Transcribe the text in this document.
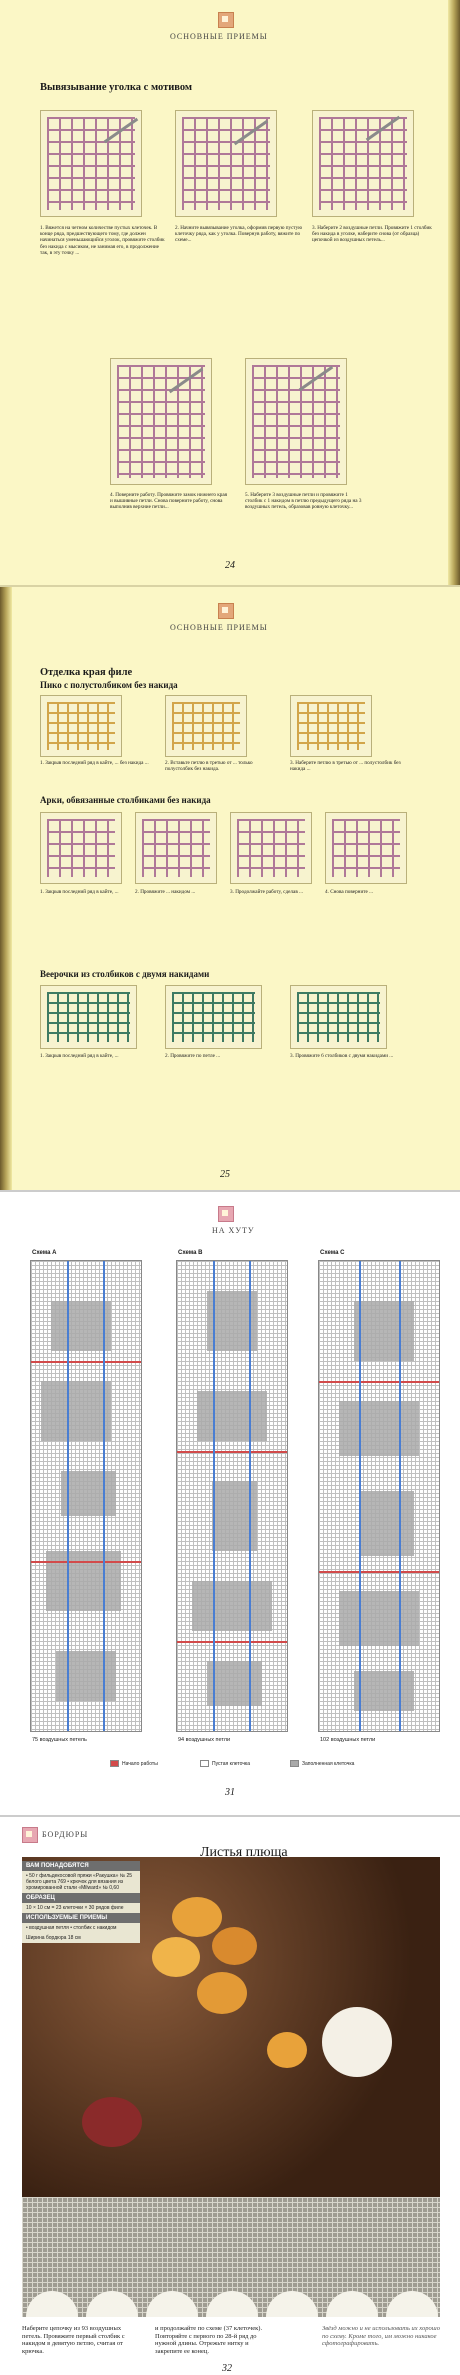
ОСНОВНЫЕ ПРИЕМЫ
Вывязывание уголка с мотивом
1. Вяжется на четном количестве пустых клеточек. В конце ряда, предшествующего тому, где должен начинаться уменьшающийся уголок, провяжите столбик без накида с мысиком, не занимая его, в продолжение так, в эту точку ...
2. Начните вывязывание уголка, оформив первую пустую клеточку ряда, как у уголка. Повернув работу, вяжите по схеме...
3. Наберите 2 воздушные петли. Провяжите 1 столбик без накида в уголке, наберите снова (от образца) цепочкой из воздушных петель...
4. Поверните работу. Провяжите замок нижнего края и вышивные петли. Снова поверните работу, снова выполнив верхние петли...
5. Наберите 3 воздушные петли и провяжите 1 столбик с 1 накидом в петлю предыдущего ряда на 3 воздушных петель, образовав ровную клеточку...
24
ОСНОВНЫЕ ПРИЕМЫ
Отделка края филе
Пико с полустолбиком без накида
1. Закрыв последний ряд в кайте, ... без накида ...	2. Вставьте петлю в третью от ... только полустолбик без накида.
3. Наберите петлю в третью от ... полустолбик без накида ...
Арки, обвязанные столбиками без накида
1. Закрыв последний ряд в кайте, ...	2. Провяжите ... накидом ...	3. Продолжайте работу, сделав ...	4. Снова поверните ...
Веерочки из столбиков с двумя накидами
1. Закрыв последний ряд в кайте, ...	2. Провяжите по петле ...	3. Провяжите 6 столбиков с двумя накидами ...
25
НА ХУТУ
Схема A	Схема B	Схема C
75 воздушных петель	94 воздушных петли	102 воздушных петли
Начало работы	Пустая клеточка	Заполненная клеточка
31
БОРДЮРЫ
ВАМ ПОНАДОБЯТСЯ
• 50 г фильдекосовой пряжи «Ракушка» № 25 белого цвета 769 • крючок для вязания из хромированной стали «Milward» № 0,60
ОБРАЗЕЦ
10 × 10 см = 23 клеточки × 30 рядов филе
ИСПОЛЬЗУЕМЫЕ ПРИЕМЫ
• воздушная петля • столбик с накидом
Ширина бордюра 18 см
Листья плюща
Наберите цепочку из 93 воздушных петель. Провяжите первый столбик с накидом в девятую петлю, считая от крючка.
и продолжайте по схеме (37 клеточек). Повторяйте с первого по 28-й ряд до нужной длины. Отрежьте нитку и закрепите ее конец.
Звёзд можно и не использовать их хорошо по схему. Кроме того, им можно никакое сфотографировать.
32
